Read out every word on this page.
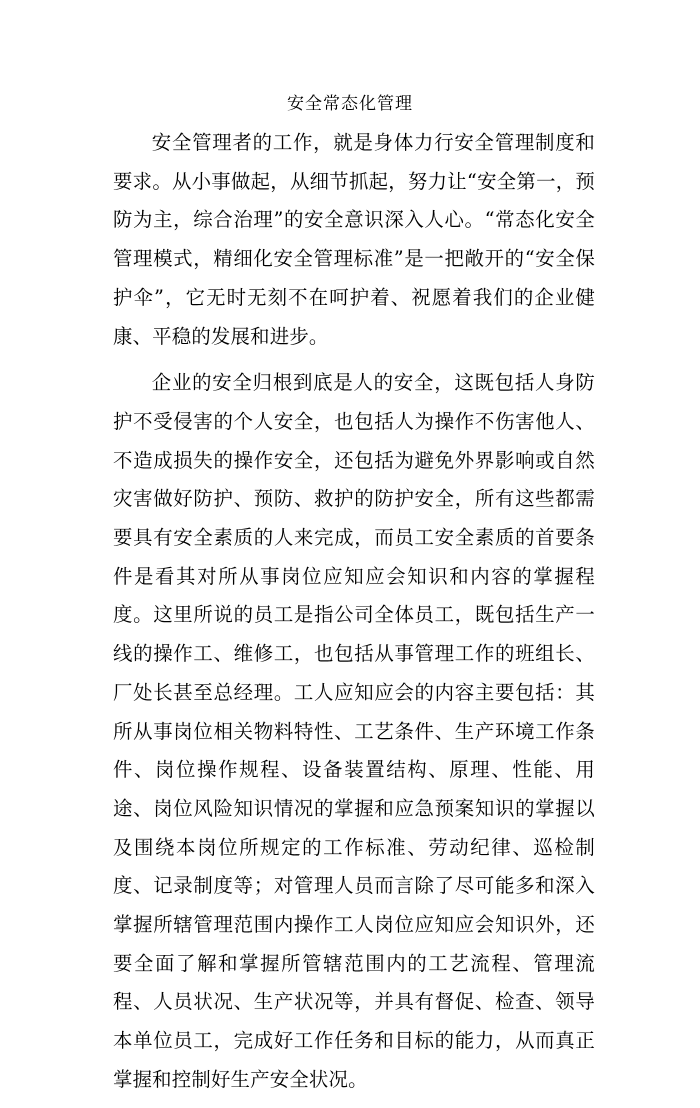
安全常态化管理

安全管理者的工作，就是身体力行安全管理制度和要求。从小事做起，从细节抓起，努力让“安全第一，预防为主，综合治理”的安全意识深入人心。“常态化安全管理模式，精细化安全管理标准”是一把敞开的“安全保护伞”，它无时无刻不在呵护着、祝愿着我们的企业健康、平稳的发展和进步。

企业的安全归根到底是人的安全，这既包括人身防护不受侵害的个人安全，也包括人为操作不伤害他人、不造成损失的操作安全，还包括为避免外界影响或自然灾害做好防护、预防、救护的防护安全，所有这些都需要具有安全素质的人来完成，而员工安全素质的首要条件是看其对所从事岗位应知应会知识和内容的掌握程度。这里所说的员工是指公司全体员工，既包括生产一线的操作工、维修工，也包括从事管理工作的班组长、厂处长甚至总经理。工人应知应会的内容主要包括：其所从事岗位相关物料特性、工艺条件、生产环境工作条件、岗位操作规程、设备装置结构、原理、性能、用途、岗位风险知识情况的掌握和应急预案知识的掌握以及围绕本岗位所规定的工作标准、劳动纪律、巡检制度、记录制度等；对管理人员而言除了尽可能多和深入掌握所辖管理范围内操作工人岗位应知应会知识外，还要全面了解和掌握所管辖范围内的工艺流程、管理流程、人员状况、生产状况等，并具有督促、检查、领导本单位员工，完成好工作任务和目标的能力，从而真正掌握和控制好生产安全状况。
